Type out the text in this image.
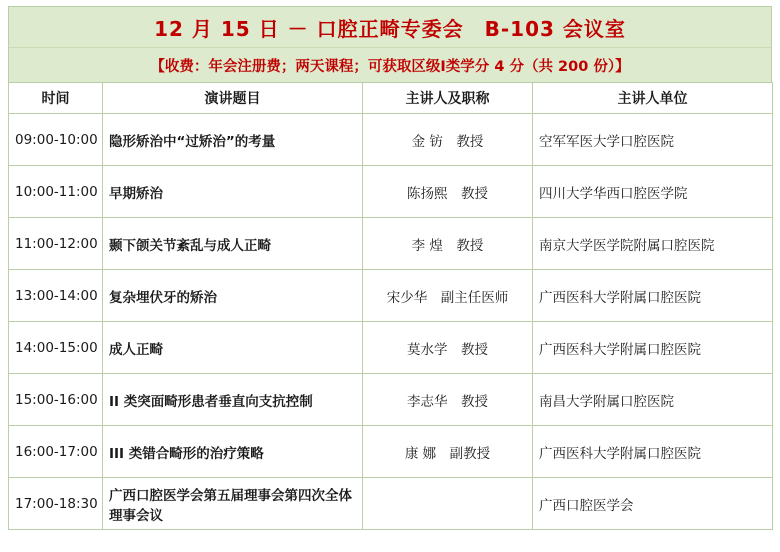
12 月 15 日 － 口腔正畸专委会　B-103 会议室
【收费：年会注册费；两天课程；可获取区级Ⅰ类学分 4 分（共 200 份）】
时间	演讲题目	主讲人及职称	主讲人单位
09:00-10:00	隐形矫治中“过矫治”的考量	金 钫　教授	空军军医大学口腔医院
10:00-11:00	早期矫治	陈扬熙　教授	四川大学华西口腔医学院
11:00-12:00	颞下颌关节紊乱与成人正畸	李 煌　教授	南京大学医学院附属口腔医院
13:00-14:00	复杂埋伏牙的矫治	宋少华　副主任医师	广西医科大学附属口腔医院
14:00-15:00	成人正畸	莫水学　教授	广西医科大学附属口腔医院
15:00-16:00	II 类突面畸形患者垂直向支抗控制	李志华　教授	南昌大学附属口腔医院
16:00-17:00	III 类错合畸形的治疗策略	康 娜　副教授	广西医科大学附属口腔医院
17:00-18:30	广西口腔医学会第五届理事会第四次全体理事会议		广西口腔医学会
